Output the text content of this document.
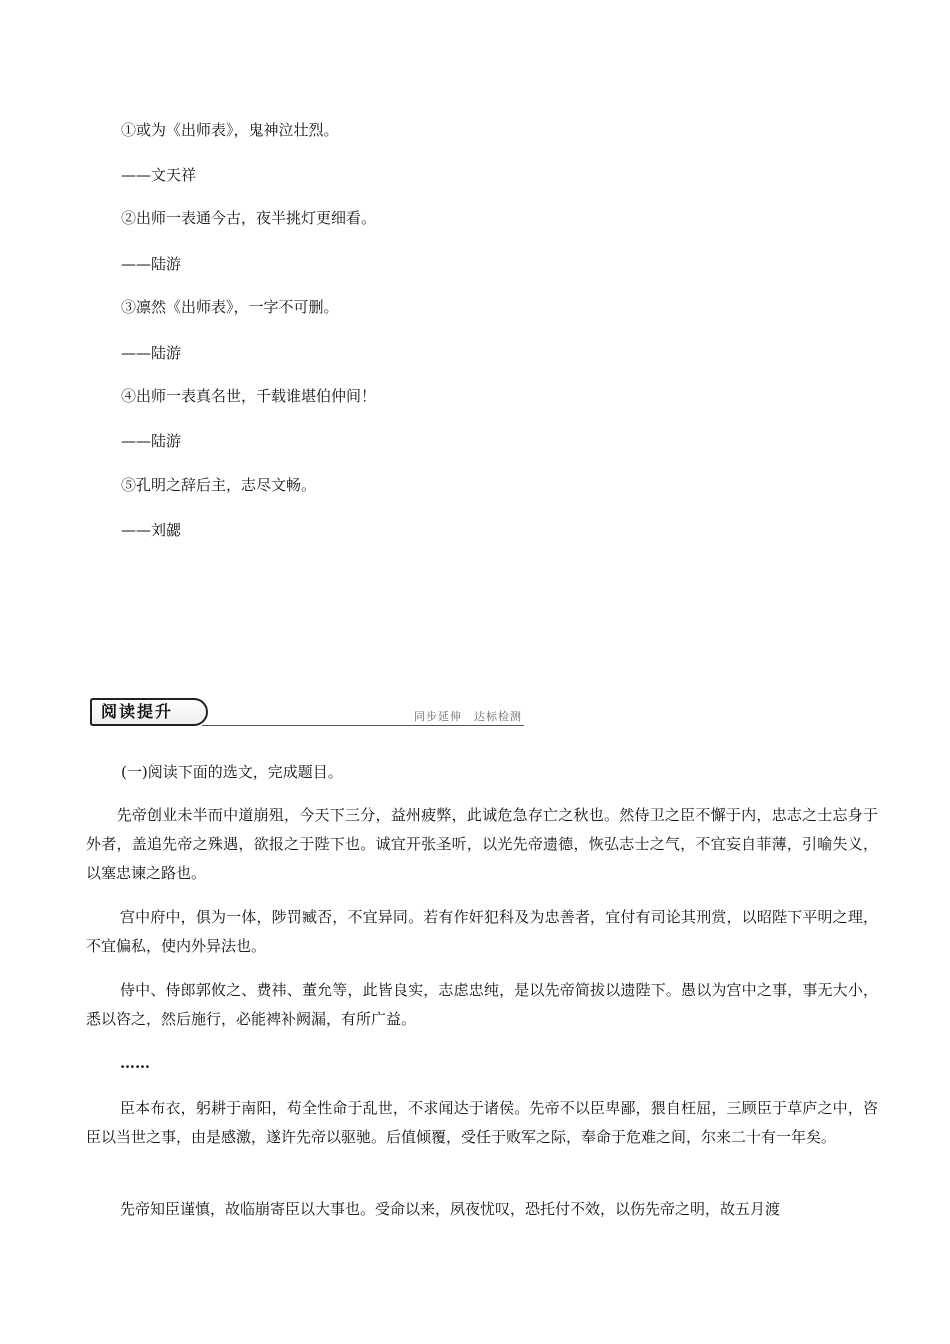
①或为《出师表》，鬼神泣壮烈。
——文天祥
②出师一表通今古，夜半挑灯更细看。
——陆游
③凛然《出师表》，一字不可删。
——陆游
④出师一表真名世，千载谁堪伯仲间！
——陆游
⑤孔明之辞后主，志尽文畅。
——刘勰
阅读提升	同步延伸　达标检测
(一)阅读下面的选文，完成题目。
　　先帝创业未半而中道崩殂，今天下三分，益州疲弊，此诚危急存亡之秋也。然侍卫之臣不懈于内，忠志之士忘身于外者，盖追先帝之殊遇，欲报之于陛下也。诚宜开张圣听，以光先帝遗德，恢弘志士之气，不宜妄自菲薄，引喻失义，以塞忠谏之路也。
宫中府中，俱为一体，陟罚臧否，不宜异同。若有作奸犯科及为忠善者，宜付有司论其刑赏，以昭陛下平明之理，不宜偏私，使内外异法也。
侍中、侍郎郭攸之、费祎、董允等，此皆良实，志虑忠纯，是以先帝简拔以遗陛下。愚以为宫中之事，事无大小，悉以咨之，然后施行，必能裨补阙漏，有所广益。
……
臣本布衣，躬耕于南阳，苟全性命于乱世，不求闻达于诸侯。先帝不以臣卑鄙，猥自枉屈，三顾臣于草庐之中，咨臣以当世之事，由是感激，遂许先帝以驱驰。后值倾覆，受任于败军之际，奉命于危难之间，尔来二十有一年矣。
先帝知臣谨慎，故临崩寄臣以大事也。受命以来，夙夜忧叹，恐托付不效，以伤先帝之明，故五月渡
